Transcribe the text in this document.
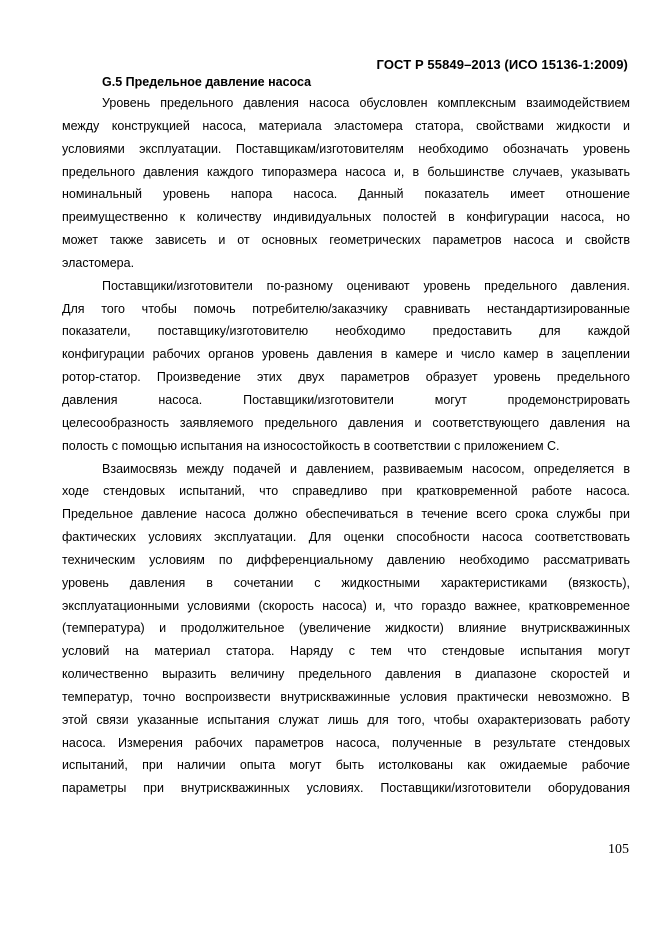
ГОСТ Р 55849–2013 (ИСО 15136-1:2009)
G.5 Предельное давление насоса
Уровень предельного давления насоса обусловлен комплексным взаимодействием
между конструкцией насоса, материала эластомера статора, свойствами жидкости и
условиями эксплуатации. Поставщикам/изготовителям необходимо обозначать уровень
предельного давления каждого типоразмера насоса и, в большинстве случаев, указывать
номинальный уровень напора насоса. Данный показатель имеет отношение
преимущественно к количеству индивидуальных полостей в конфигурации насоса, но
может также зависеть и от основных геометрических параметров насоса и свойств
эластомера.
Поставщики/изготовители по-разному оценивают уровень предельного давления.
Для того чтобы помочь потребителю/заказчику сравнивать нестандартизированные
показатели, поставщику/изготовителю необходимо предоставить для каждой
конфигурации рабочих органов уровень давления в камере и число камер в зацеплении
ротор-статор. Произведение этих двух параметров образует уровень предельного
давления насоса. Поставщики/изготовители могут продемонстрировать
целесообразность заявляемого предельного давления и соответствующего давления на
полость с помощью испытания на износостойкость в соответствии с приложением С.
Взаимосвязь между подачей и давлением, развиваемым насосом, определяется в
ходе стендовых испытаний, что справедливо при кратковременной работе насоса.
Предельное давление насоса должно обеспечиваться в течение всего срока службы при
фактических условиях эксплуатации. Для оценки способности насоса соответствовать
техническим условиям по дифференциальному давлению необходимо рассматривать
уровень давления в сочетании с жидкостными характеристиками (вязкость),
эксплуатационными условиями (скорость насоса) и, что гораздо важнее, кратковременное
(температура) и продолжительное (увеличение жидкости) влияние внутрискважинных
условий на материал статора. Наряду с тем что стендовые испытания могут
количественно выразить величину предельного давления в диапазоне скоростей и
температур, точно воспроизвести внутрискважинные условия практически невозможно. В
этой связи указанные испытания служат лишь для того, чтобы охарактеризовать работу
насоса. Измерения рабочих параметров насоса, полученные в результате стендовых
испытаний, при наличии опыта могут быть истолкованы как ожидаемые рабочие
параметры при внутрискважинных условиях. Поставщики/изготовители оборудования
105
